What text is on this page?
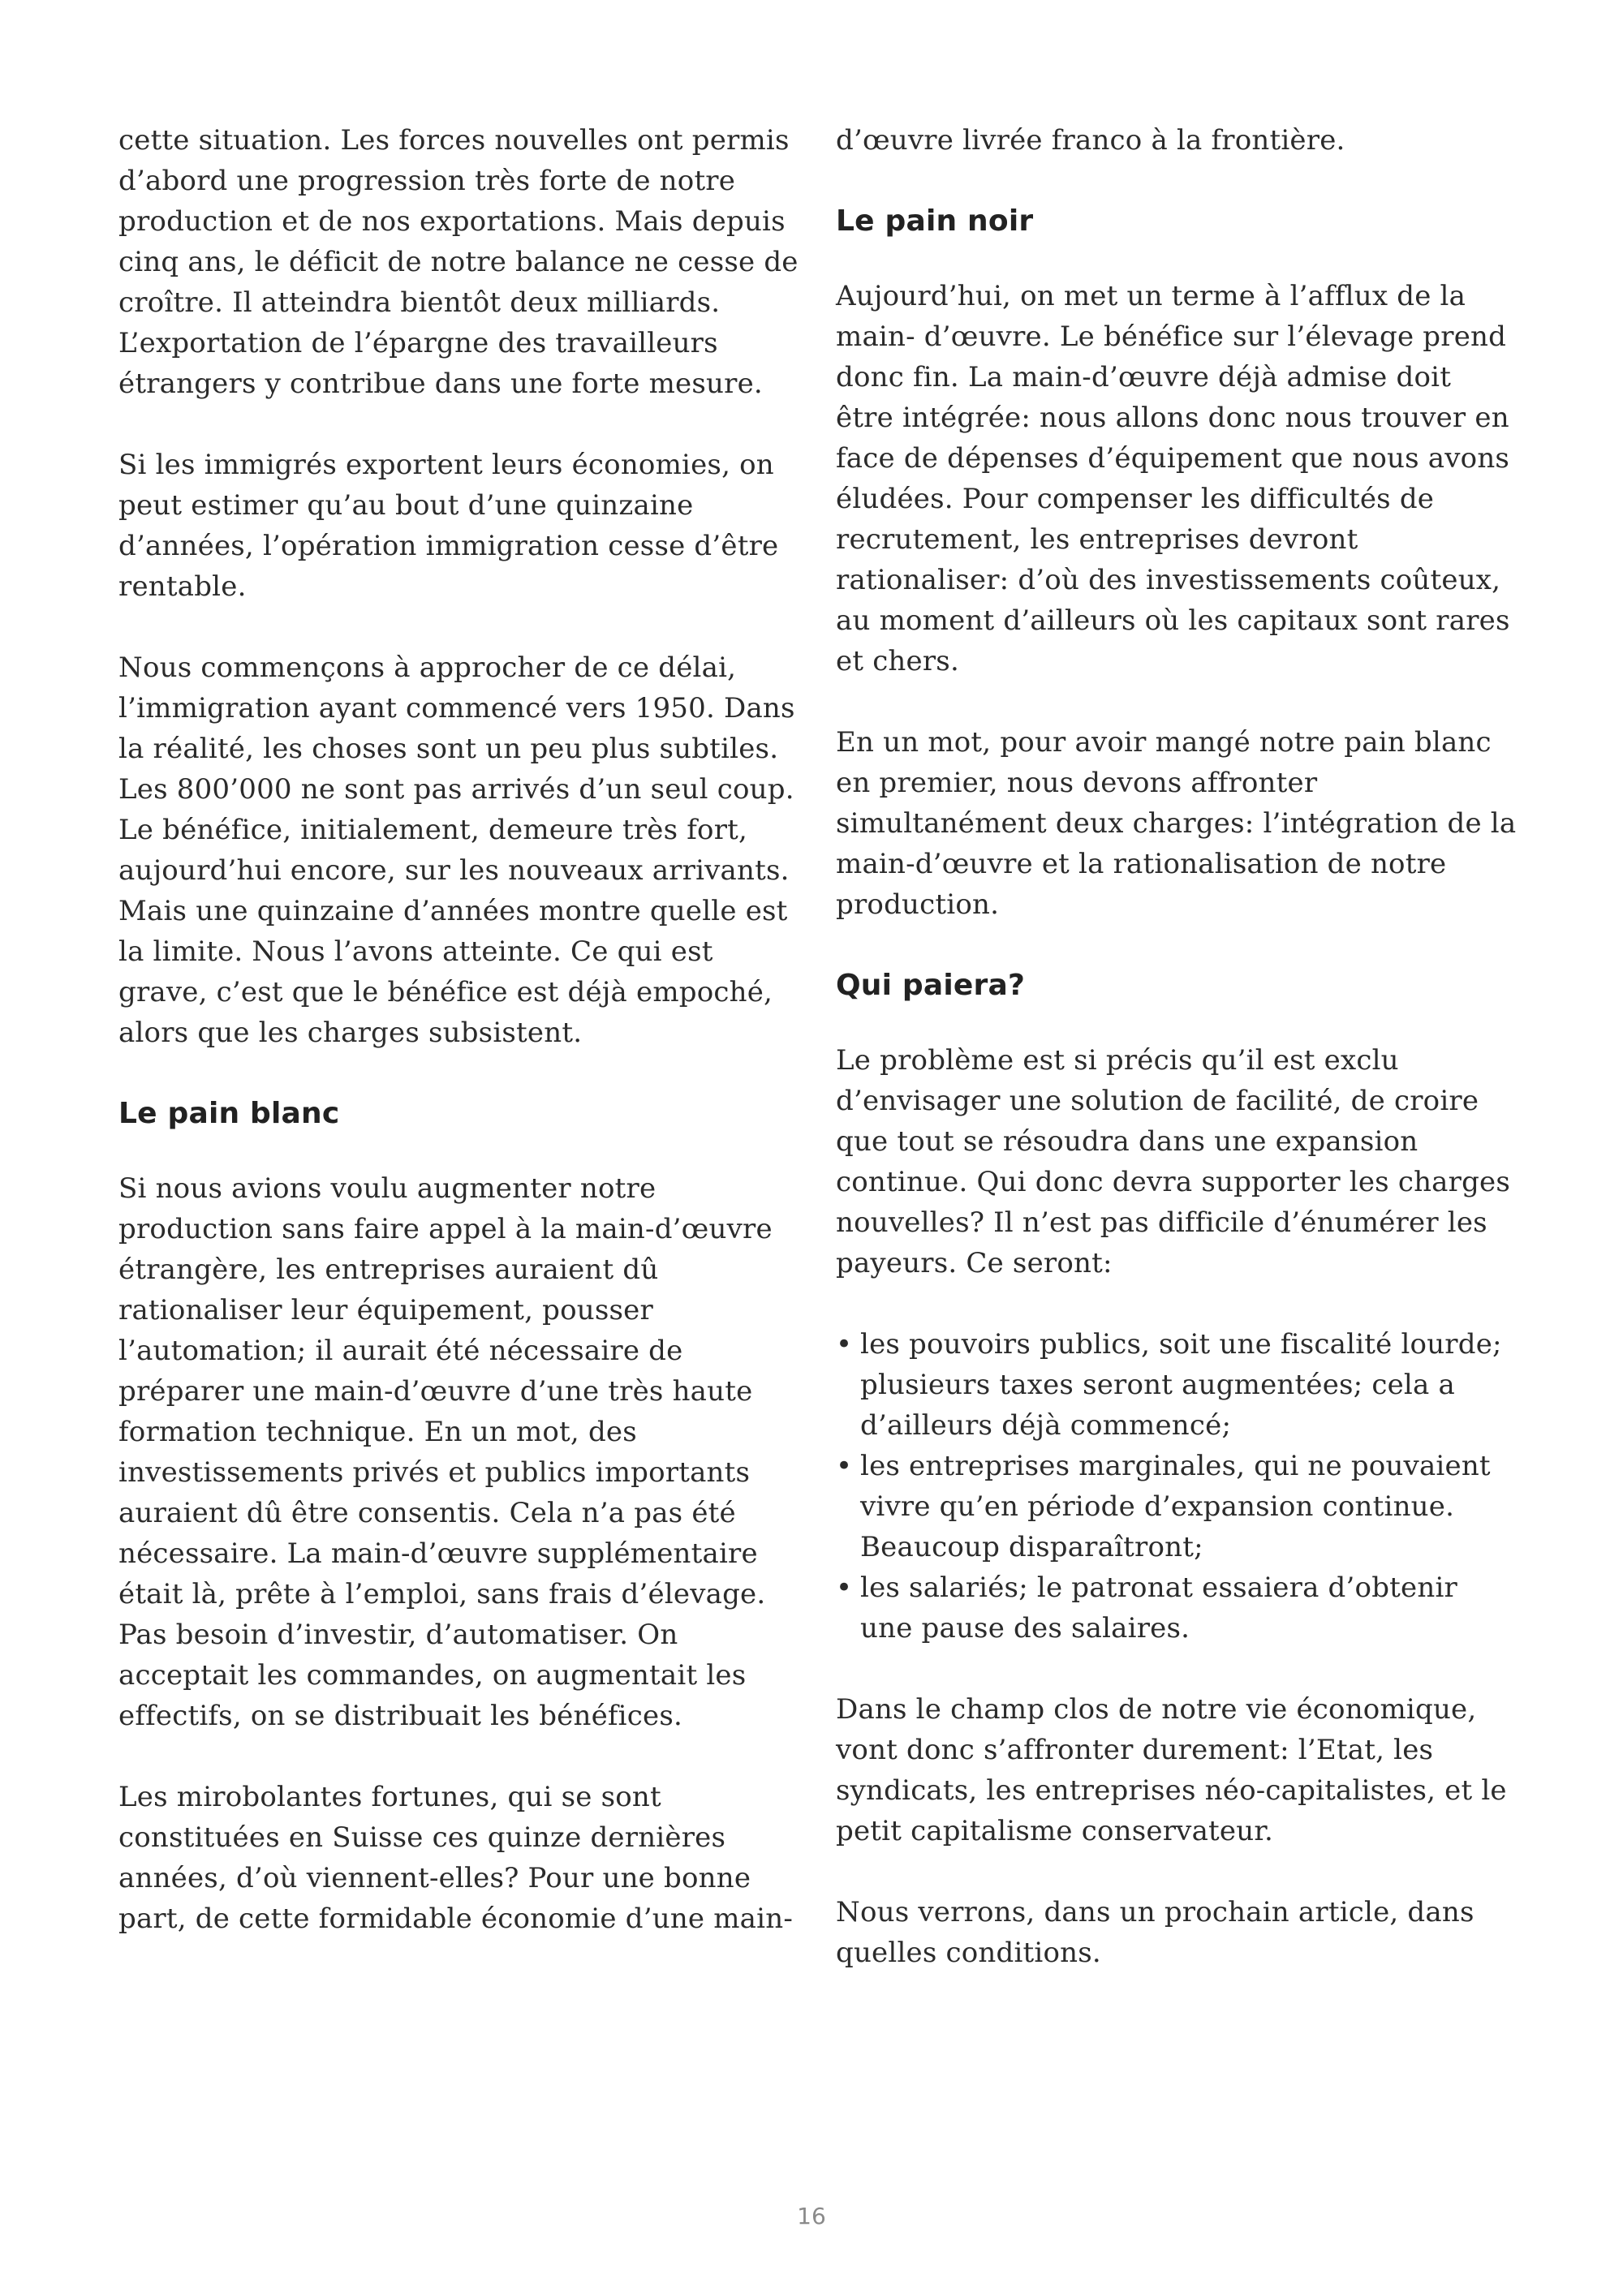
cette situation. Les forces nouvelles ont permis d’abord une progression très forte de notre production et de nos exportations. Mais depuis cinq ans, le déficit de notre balance ne cesse de croître. Il atteindra bientôt deux milliards. L’exportation de l’épargne des travailleurs étrangers y contribue dans une forte mesure.

Si les immigrés exportent leurs économies, on peut estimer qu’au bout d’une quinzaine d’années, l’opération immigration cesse d’être rentable.

Nous commençons à approcher de ce délai, l’immigration ayant commencé vers 1950. Dans la réalité, les choses sont un peu plus subtiles. Les 800’000 ne sont pas arrivés d’un seul coup. Le bénéfice, initialement, demeure très fort, aujourd’hui encore, sur les nouveaux arrivants. Mais une quinzaine d’années montre quelle est la limite. Nous l’avons atteinte. Ce qui est grave, c’est que le bénéfice est déjà empoché, alors que les charges subsistent.

Le pain blanc

Si nous avions voulu augmenter notre production sans faire appel à la main-d’œuvre étrangère, les entreprises auraient dû rationaliser leur équipement, pousser l’automation; il aurait été nécessaire de préparer une main-d’œuvre d’une très haute formation technique. En un mot, des investissements privés et publics importants auraient dû être consentis. Cela n’a pas été nécessaire. La main-d’œuvre supplémentaire était là, prête à l’emploi, sans frais d’élevage. Pas besoin d’investir, d’automatiser. On acceptait les commandes, on augmentait les effectifs, on se distribuait les bénéfices.

Les mirobolantes fortunes, qui se sont constituées en Suisse ces quinze dernières années, d’où viennent-elles? Pour une bonne part, de cette formidable économie d’une main-

d’œuvre livrée franco à la frontière.

Le pain noir

Aujourd’hui, on met un terme à l’afflux de la main- d’œuvre. Le bénéfice sur l’élevage prend donc fin. La main-d’œuvre déjà admise doit être intégrée: nous allons donc nous trouver en face de dépenses d’équipement que nous avons éludées. Pour compenser les difficultés de recrutement, les entreprises devront rationaliser: d’où des investissements coûteux, au moment d’ailleurs où les capitaux sont rares et chers.

En un mot, pour avoir mangé notre pain blanc en premier, nous devons affronter simultanément deux charges: l’intégration de la main-d’œuvre et la rationalisation de notre production.

Qui paiera?

Le problème est si précis qu’il est exclu d’envisager une solution de facilité, de croire que tout se résoudra dans une expansion continue. Qui donc devra supporter les charges nouvelles? Il n’est pas difficile d’énumérer les payeurs. Ce seront:

• les pouvoirs publics, soit une fiscalité lourde; plusieurs taxes seront augmentées; cela a d’ailleurs déjà commencé;
• les entreprises marginales, qui ne pouvaient vivre qu’en période d’expansion continue. Beaucoup disparaîtront;
• les salariés; le patronat essaiera d’obtenir une pause des salaires.

Dans le champ clos de notre vie économique, vont donc s’affronter durement: l’Etat, les syndicats, les entreprises néo-capitalistes, et le petit capitalisme conservateur.

Nous verrons, dans un prochain article, dans quelles conditions.

16
